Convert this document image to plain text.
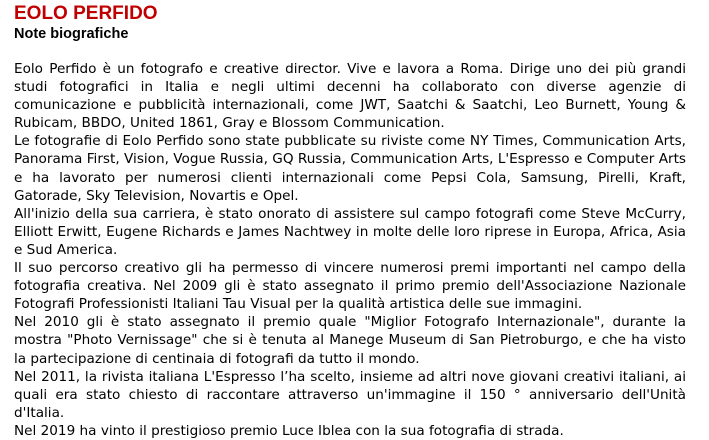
EOLO PERFIDO
Note biografiche

Eolo Perfido è un fotografo e creative director. Vive e lavora a Roma. Dirige uno dei più grandi studi fotografici in Italia e negli ultimi decenni ha collaborato con diverse agenzie di comunicazione e pubblicità internazionali, come JWT, Saatchi & Saatchi, Leo Burnett, Young & Rubicam, BBDO, United 1861, Gray e Blossom Communication.

Le fotografie di Eolo Perfido sono state pubblicate su riviste come NY Times, Communication Arts, Panorama First, Vision, Vogue Russia, GQ Russia, Communication Arts, L'Espresso e Computer Arts e ha lavorato per numerosi clienti internazionali come Pepsi Cola, Samsung, Pirelli, Kraft, Gatorade, Sky Television, Novartis e Opel.

All'inizio della sua carriera, è stato onorato di assistere sul campo fotografi come Steve McCurry, Elliott Erwitt, Eugene Richards e James Nachtwey in molte delle loro riprese in Europa, Africa, Asia e Sud America.

Il suo percorso creativo gli ha permesso di vincere numerosi premi importanti nel campo della fotografia creativa. Nel 2009 gli è stato assegnato il primo premio dell'Associazione Nazionale Fotografi Professionisti Italiani Tau Visual per la qualità artistica delle sue immagini.

Nel 2010 gli è stato assegnato il premio quale "Miglior Fotografo Internazionale", durante la mostra "Photo Vernissage" che si è tenuta al Manege Museum di San Pietroburgo, e che ha visto la partecipazione di centinaia di fotografi da tutto il mondo.

Nel 2011, la rivista italiana L'Espresso l’ha scelto, insieme ad altri nove giovani creativi italiani, ai quali era stato chiesto di raccontare attraverso un'immagine il 150 ° anniversario dell'Unità d'Italia.

Nel 2019 ha vinto il prestigioso premio Luce Iblea con la sua fotografia di strada.
